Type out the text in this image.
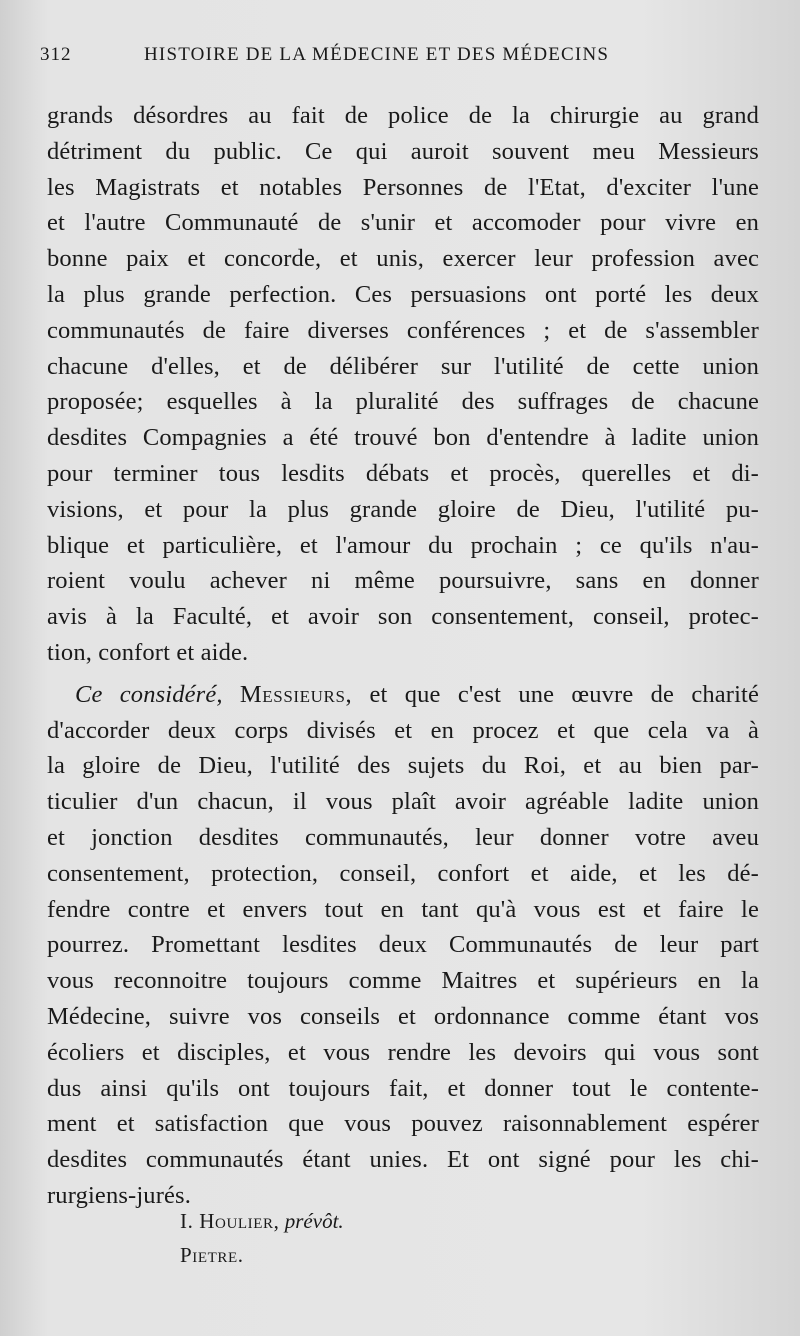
312	HISTOIRE DE LA MÉDECINE ET DES MÉDECINS
grands désordres au fait de police de la chirurgie au grand
détriment du public. Ce qui auroit souvent meu Messieurs
les Magistrats et notables Personnes de l'Etat, d'exciter l'une
et l'autre Communauté de s'unir et accomoder pour vivre en
bonne paix et concorde, et unis, exercer leur profession avec
la plus grande perfection. Ces persuasions ont porté les deux
communautés de faire diverses conférences ; et de s'assembler
chacune d'elles, et de délibérer sur l'utilité de cette union
proposée; esquelles à la pluralité des suffrages de chacune
desdites Compagnies a été trouvé bon d'entendre à ladite union
pour terminer tous lesdits débats et procès, querelles et di-
visions, et pour la plus grande gloire de Dieu, l'utilité pu-
blique et particulière, et l'amour du prochain ; ce qu'ils n'au-
roient voulu achever ni même poursuivre, sans en donner
avis à la Faculté, et avoir son consentement, conseil, protec-
tion, confort et aide.
Ce considéré, Messieurs, et que c'est une œuvre de charité
d'accorder deux corps divisés et en procez et que cela va à
la gloire de Dieu, l'utilité des sujets du Roi, et au bien par-
ticulier d'un chacun, il vous plaît avoir agréable ladite union
et jonction desdites communautés, leur donner votre aveu
consentement, protection, conseil, confort et aide, et les dé-
fendre contre et envers tout en tant qu'à vous est et faire le
pourrez. Promettant lesdites deux Communautés de leur part
vous reconnoitre toujours comme Maitres et supérieurs en la
Médecine, suivre vos conseils et ordonnance comme étant vos
écoliers et disciples, et vous rendre les devoirs qui vous sont
dus ainsi qu'ils ont toujours fait, et donner tout le contente-
ment et satisfaction que vous pouvez raisonnablement espérer
desdites communautés étant unies. Et ont signé pour les chi-
rurgiens-jurés.
I. Houlier, prévôt.
Pietre.
